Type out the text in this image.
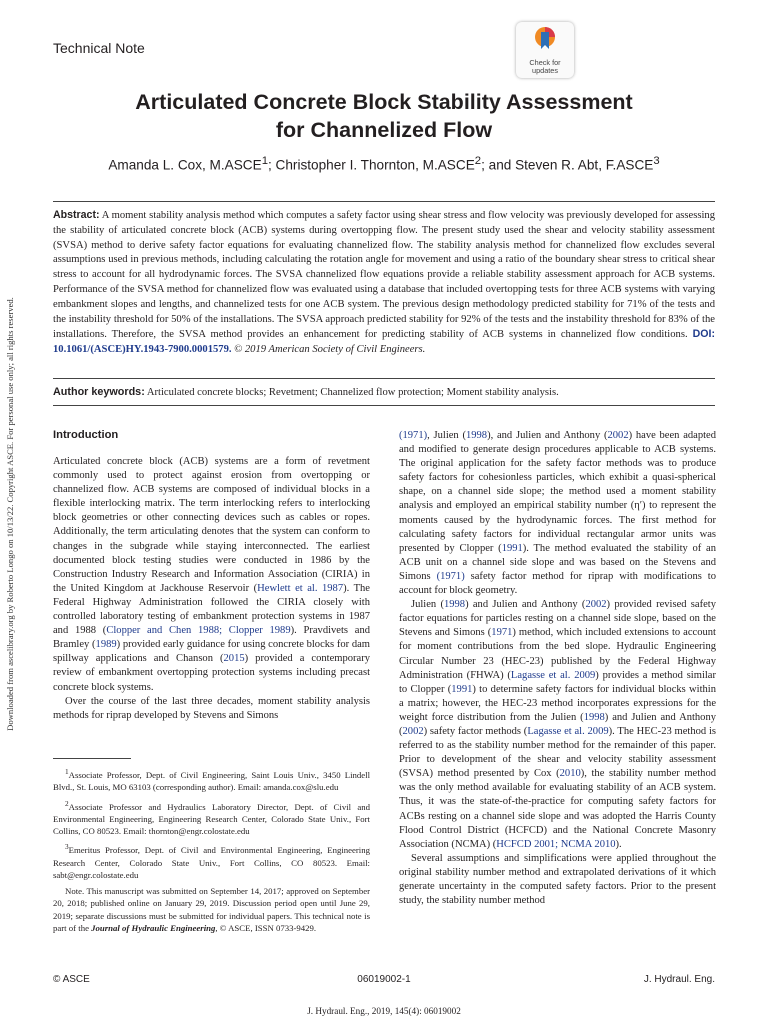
Downloaded from ascelibrary.org by Roberto Longo on 10/13/22. Copyright ASCE. For personal use only; all rights reserved.
Technical Note
Check for
updates
Articulated Concrete Block Stability Assessment
for Channelized Flow
Amanda L. Cox, M.ASCE$^1$; Christopher I. Thornton, M.ASCE$^2$; and Steven R. Abt, F.ASCE$^3$

Abstract: A moment stability analysis method which computes a safety factor using shear stress and flow velocity was previously developed for assessing the stability of articulated concrete block (ACB) systems during overtopping flow. The present study used the shear and velocity stability assessment (SVSA) method to derive safety factor equations for evaluating channelized flow. The stability analysis method for channelized flow excludes several assumptions used in previous methods, including calculating the rotation angle for movement and using a ratio of the boundary shear stress to critical shear stress to account for all hydrodynamic forces. The SVSA channelized flow equations provide a reliable stability assessment approach for ACB systems. Performance of the SVSA method for channelized flow was evaluated using a database that included overtopping tests for three ACB systems with varying embankment slopes and lengths, and channelized tests for one ACB system. The previous design methodology predicted stability for 71% of the tests and the instability threshold for 50% of the installations. The SVSA approach predicted stability for 92% of the tests and the instability threshold for 83% of the installations. Therefore, the SVSA method provides an enhancement for predicting stability of ACB systems in channelized flow conditions. DOI: 10.1061/(ASCE)HY.1943-7900.0001579. © 2019 American Society of Civil Engineers.

Author keywords: Articulated concrete blocks; Revetment; Channelized flow protection; Moment stability analysis.

Introduction

Articulated concrete block (ACB) systems are a form of revetment commonly used to protect against erosion from overtopping or channelized flow. ACB systems are composed of individual blocks in a flexible interlocking matrix. The term interlocking refers to interlocking block geometries or other connecting devices such as cables or ropes. Additionally, the term articulating denotes that the system can conform to changes in the subgrade while staying interconnected. The earliest documented block testing studies were conducted in 1986 by the Construction Industry Research and Information Association (CIRIA) in the United Kingdom at Jackhouse Reservoir (Hewlett et al. 1987). The Federal Highway Administration followed the CIRIA closely with controlled laboratory testing of embankment protection systems in 1987 and 1988 (Clopper and Chen 1988; Clopper 1989). Pravdivets and Bramley (1989) provided early guidance for using concrete blocks for dam spillway applications and Chanson (2015) provided a contemporary review of embankment overtopping protection systems including precast concrete block systems.

Over the course of the last three decades, moment stability analysis methods for riprap developed by Stevens and Simons

$^1$Associate Professor, Dept. of Civil Engineering, Saint Louis Univ., 3450 Lindell Blvd., St. Louis, MO 63103 (corresponding author). Email: amanda.cox@slu.edu

$^2$Associate Professor and Hydraulics Laboratory Director, Dept. of Civil and Environmental Engineering, Engineering Research Center, Colorado State Univ., Fort Collins, CO 80523. Email: thornton@engr.colostate.edu

$^3$Emeritus Professor, Dept. of Civil and Environmental Engineering, Engineering Research Center, Colorado State Univ., Fort Collins, CO 80523. Email: sabt@engr.colostate.edu

Note. This manuscript was submitted on September 14, 2017; approved on September 20, 2018; published online on January 29, 2019. Discussion period open until June 29, 2019; separate discussions must be submitted for individual papers. This technical note is part of the Journal of Hydraulic Engineering, © ASCE, ISSN 0733-9429.

(1971), Julien (1998), and Julien and Anthony (2002) have been adapted and modified to generate design procedures applicable to ACB systems. The original application for the safety factor methods was to produce safety factors for cohesionless particles, which exhibit a quasi-spherical shape, on a channel side slope; the method used a moment stability analysis and employed an empirical stability number (η′) to represent the moments caused by the hydrodynamic forces. The first method for calculating safety factors for individual rectangular armor units was presented by Clopper (1991). The method evaluated the stability of an ACB unit on a channel side slope and was based on the Stevens and Simons (1971) safety factor method for riprap with modifications to account for block geometry.

Julien (1998) and Julien and Anthony (2002) provided revised safety factor equations for particles resting on a channel side slope, based on the Stevens and Simons (1971) method, which included extensions to account for moment contributions from the bed slope. Hydraulic Engineering Circular Number 23 (HEC-23) published by the Federal Highway Administration (FHWA) (Lagasse et al. 2009) provides a method similar to Clopper (1991) to determine safety factors for individual blocks within a matrix; however, the HEC-23 method incorporates expressions for the weight force distribution from the Julien (1998) and Julien and Anthony (2002) safety factor methods (Lagasse et al. 2009). The HEC-23 method is referred to as the stability number method for the remainder of this paper. Prior to development of the shear and velocity stability assessment (SVSA) method presented by Cox (2010), the stability number method was the only method available for evaluating stability of an ACB system. Thus, it was the state-of-the-practice for computing safety factors for ACBs resting on a channel side slope and was adopted the Harris County Flood Control District (HCFCD) and the National Concrete Masonry Association (NCMA) (HCFCD 2001; NCMA 2010).

Several assumptions and simplifications were applied throughout the original stability number method and extrapolated derivations of it which generate uncertainty in the computed safety factors. Prior to the present study, the stability number method

© ASCE	06019002-1	J. Hydraul. Eng.
J. Hydraul. Eng., 2019, 145(4): 06019002
